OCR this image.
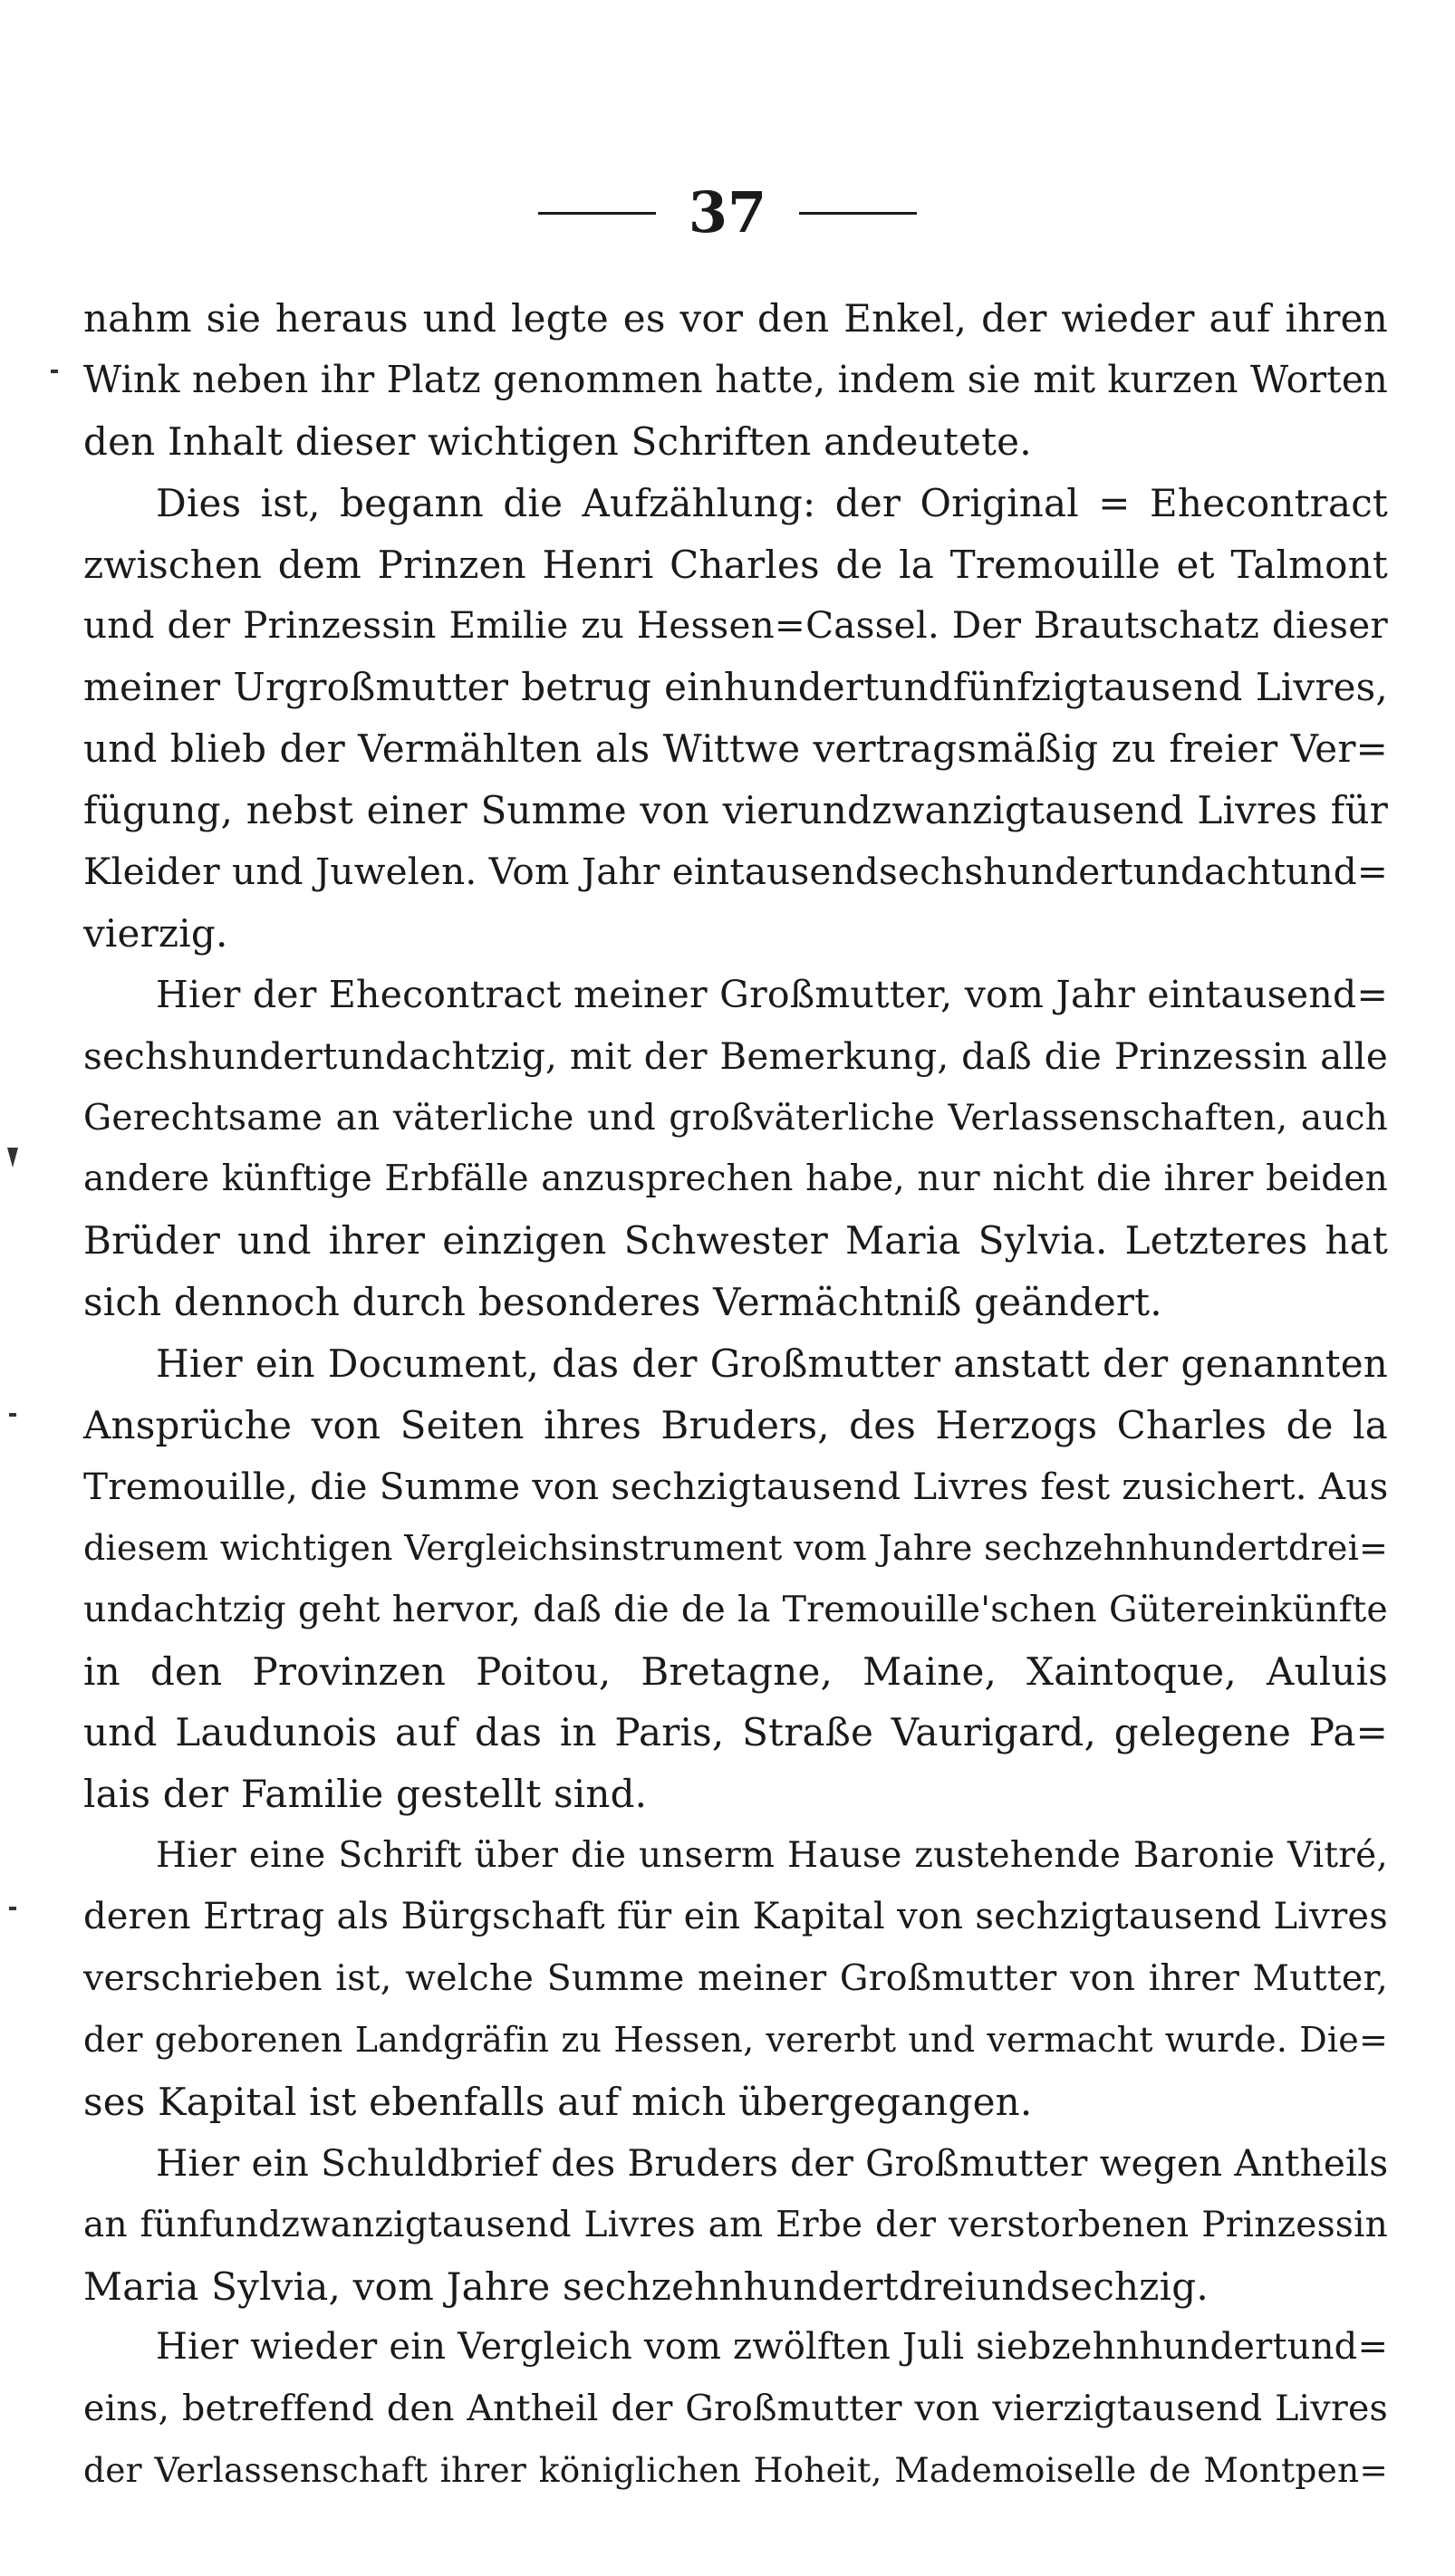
37
nahm sie heraus und legte es vor den Enkel, der wieder auf ihren
Wink neben ihr Platz genommen hatte, indem sie mit kurzen Worten
den Inhalt dieser wichtigen Schriften andeutete.
Dies ist, begann die Aufzählung: der Original = Ehecontract
zwischen dem Prinzen Henri Charles de la Tremouille et Talmont
und der Prinzessin Emilie zu Hessen=Cassel. Der Brautschatz dieser
meiner Urgroßmutter betrug einhundertundfünfzigtausend Livres,
und blieb der Vermählten als Wittwe vertragsmäßig zu freier Ver=
fügung, nebst einer Summe von vierundzwanzigtausend Livres für
Kleider und Juwelen. Vom Jahr eintausendsechshundertundachtund=
vierzig.
Hier der Ehecontract meiner Großmutter, vom Jahr eintausend=
sechshundertundachtzig, mit der Bemerkung, daß die Prinzessin alle
Gerechtsame an väterliche und großväterliche Verlassenschaften, auch
andere künftige Erbfälle anzusprechen habe, nur nicht die ihrer beiden
Brüder und ihrer einzigen Schwester Maria Sylvia. Letzteres hat
sich dennoch durch besonderes Vermächtniß geändert.
Hier ein Document, das der Großmutter anstatt der genannten
Ansprüche von Seiten ihres Bruders, des Herzogs Charles de la
Tremouille, die Summe von sechzigtausend Livres fest zusichert. Aus
diesem wichtigen Vergleichsinstrument vom Jahre sechzehnhundertdrei=
undachtzig geht hervor, daß die de la Tremouille'schen Gütereinkünfte
in den Provinzen Poitou, Bretagne, Maine, Xaintoque, Auluis
und Laudunois auf das in Paris, Straße Vaurigard, gelegene Pa=
lais der Familie gestellt sind.
Hier eine Schrift über die unserm Hause zustehende Baronie Vitré,
deren Ertrag als Bürgschaft für ein Kapital von sechzigtausend Livres
verschrieben ist, welche Summe meiner Großmutter von ihrer Mutter,
der geborenen Landgräfin zu Hessen, vererbt und vermacht wurde. Die=
ses Kapital ist ebenfalls auf mich übergegangen.
Hier ein Schuldbrief des Bruders der Großmutter wegen Antheils
an fünfundzwanzigtausend Livres am Erbe der verstorbenen Prinzessin
Maria Sylvia, vom Jahre sechzehnhundertdreiundsechzig.
Hier wieder ein Vergleich vom zwölften Juli siebzehnhundertund=
eins, betreffend den Antheil der Großmutter von vierzigtausend Livres
der Verlassenschaft ihrer königlichen Hoheit, Mademoiselle de Montpen=
